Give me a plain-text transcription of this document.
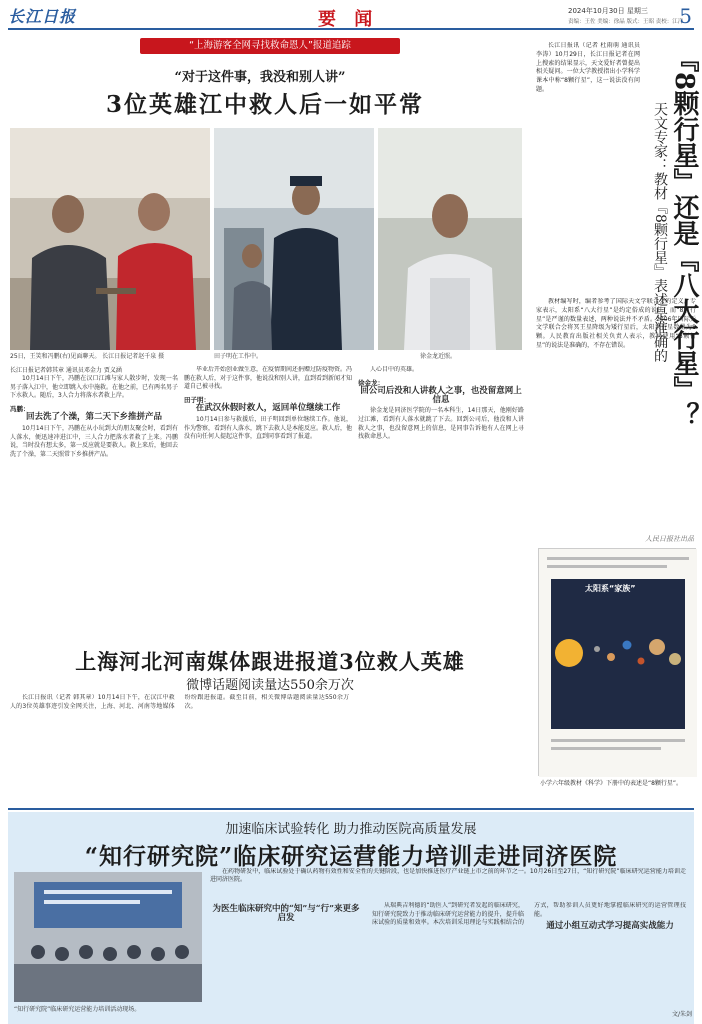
长江日报	要 闻	2024年10月30日 星期三
责编：王佐 美编：徐晶 版式：王昭 责校：江洋
5
“上海游客全网寻找救命恩人”报道追踪
“对于这件事，我没和别人讲”
3位英雄江中救人后一如平常
25日，王笑和冯鹏(右)见面聊天。 长江日报记者赵千泉 摄	田子明在工作中。	徐金龙近照。
长江日报记者韩其章 通讯员邓金力 贾义涵

10月14日下午，冯鹏在汉口江滩与家人散步时，发现一名男子落入江中，他立即跳入水中施救。在他之前，已有两名男子下水救人。随后，3人合力将落水者救上岸。

冯鹏：
回去洗了个澡，第二天下乡推拼产品

10月14日下午，冯鹏在从小玩到大的朋友聚会时，看到有人落水，便迅速冲进江中，三人合力把落水者救了上来。冯鹏说，当时没有想太多，第一反应就是要救人。救上来后，他回去洗了个澡，第二天照常下乡推拼产品。

毕业后开始创业做生意，在疫情期间还捐赠过防疫物资。冯鹏在救人后，对于这件事，他说没和别人讲，直到看到新闻才知道自己被寻找。

田子明：
在武汉休假时救人，返回单位继续工作

10月14日参与救援后，田子明回到单位继续工作。他说，作为警察，看到有人落水，跳下去救人是本能反应。救人后，他没有向任何人提起这件事，直到同事看到了报道。

人心目中的英雄。

徐金龙：
回公司后没和人讲救人之事，也没留意网上信息

徐金龙是同济医学院的一名本科生，14日那天，他刚好路过江滩，看到有人落水就跳了下去。回到公司后，他没和人讲救人之事，也没留意网上的信息，是同事告诉他有人在网上寻找救命恩人。

上海河北河南媒体跟进报道3位救人英雄
微博话题阅读量达550余万次

长江日报讯（记者 韩其章）10月14日下午，在汉江中救人的3位英雄事迹引发全网关注，上海、河北、河南等地媒体纷纷跟进报道。截至目前，相关微博话题阅读量达550余万次。

『8颗行星』还是『八大行星』？
天文专家：教材『8颗行星』表述是准确的

长江日报讯（记者 杜雨萌 通讯员 李涛）10月29日，长江日报记者在网上搜索的结果显示，天文爱好者曾提出相关疑问。一位大学教授指出小学科学课本中称“8颗行星”，这一说法没有问题。

教材编写时，编者参考了国际天文学联合会的定义。专家表示，太阳系“八大行星”是约定俗成的说法，而“8颗行星”是严谨的数量表述，两种说法并不矛盾。2006年国际天文学联合会将冥王星降级为矮行星后，太阳系行星数量为8颗。人民教育出版社相关负责人表示，教材使用“8颗行星”的说法是准确的，不存在错误。

人民日报社出品
太阳系“家族”
小学六年级教材《科学》下册中的表述是“8颗行星”。
加速临床试验转化 助力推动医院高质量发展
“知行研究院”临床研究运营能力培训走进同济医院

在药物研发中，临床试验处于确认药物有效性和安全性的关键阶段，也是加快推进医疗产业链上市之前的环节之一。10月26日至27日，“知行研究院”临床研究运营能力培训走进同济医院。

“知行研究院”临床研究运营能力培训活动现场。
为医生临床研究中的“知”与“行”来更多启发

从瑞典吉利德的“助医人”到研究者发起的临床研究，知行研究院致力于推动临床研究运营能力的提升，提升临床试验的质量和效率。本次培训采用理论与实践相结合的方式，帮助参训人员更好地掌握临床研究的运营管理技能。

通过小组互动式学习提高实战能力
文/朱剑
